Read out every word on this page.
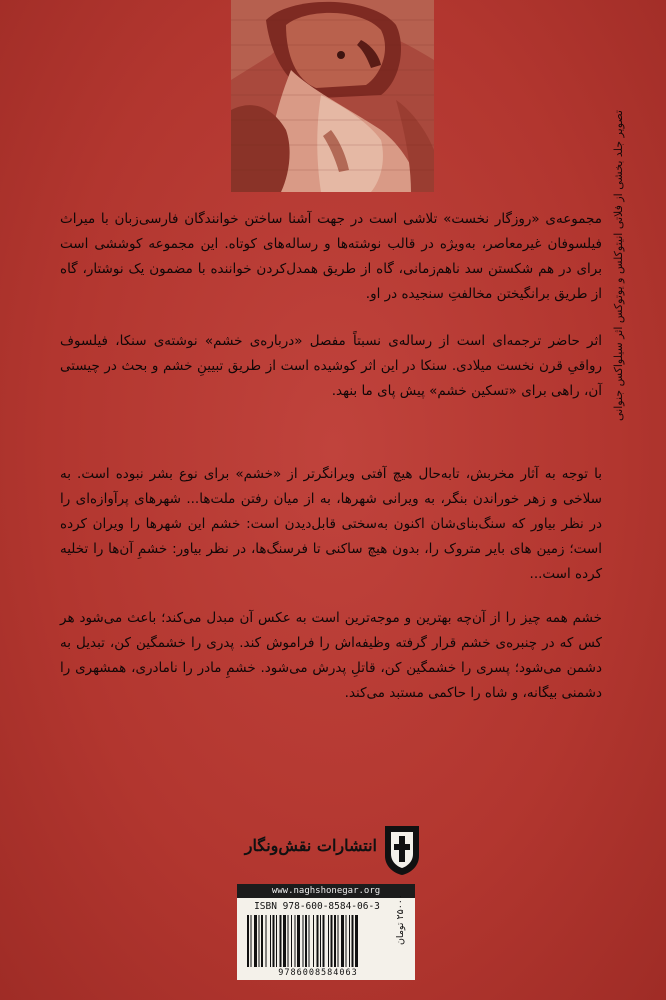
مجموعه‌ی «روزگار نخست» تلاشی است در جهت آشنا ساختن خوانندگان فارسی‌زبان با میراث فیلسوفان غیرمعاصر، به‌ویژه در قالب نوشته‌ها و رساله‌های کوتاه. این مجموعه کوششی است برای در هم شکستن سد ناهم‌زمانی، گاه از طریق همدل‌کردن خواننده با مضمون یک نوشتار، گاه از طریق برانگیختن مخالفتِ سنجیده در او.

اثر حاضر ترجمه‌ای است از رساله‌ی نسبتاً مفصل «درباره‌ی خشم» نوشته‌ی سنکا، فیلسوف رواقیِ قرن نخست میلادی. سنکا در این اثر کوشیده است از طریق تبیینِ خشم و بحث در چیستی آن، راهی برای «تسکین خشم» پیش پای ما بنهد.

با توجه به آثار مخربش، تابه‌حال هیچ آفتی ویرانگرتر از «خشم» برای نوع بشر نبوده است. به سلاخی و زهر خوراندن بنگر، به ویرانی شهرها، به از میان رفتن ملت‌ها... شهرهای پرآوازه‌ای را در نظر بیاور که سنگ‌بنای‌شان اکنون به‌سختی قابل‌دیدن است: خشم این شهرها را ویران کرده است؛ زمین های بایر متروک را، بدون هیچ ساکنی تا فرسنگ‌ها، در نظر بیاور: خشمِ آن‌ها را تخلیه کرده است...

خشم همه چیز را از آن‌چه بهترین و موجه‌ترین است به عکس آن مبدل می‌کند؛ باعث می‌شود هر کس که در چنبره‌ی خشم قرار گرفته وظیفه‌اش را فراموش کند. پدری را خشمگین کن، تبدیل به دشمن می‌شود؛ پسری را خشمگین کن، قاتلِ پدرش می‌شود. خشمِ مادر را نامادری، همشهری را دشمنی بیگانه، و شاه را حاکمی مستبد می‌کند.

تصویر جلد بخشی از فلاتی انیتوکلس و یوتوکس اثر سیلواکس جنوانی
انتشارات نقش‌ونگار
www.naghshonegar.org
ISBN 978-600-8584-06-3
9786008584063
۲۵۰۰۰ تومان
